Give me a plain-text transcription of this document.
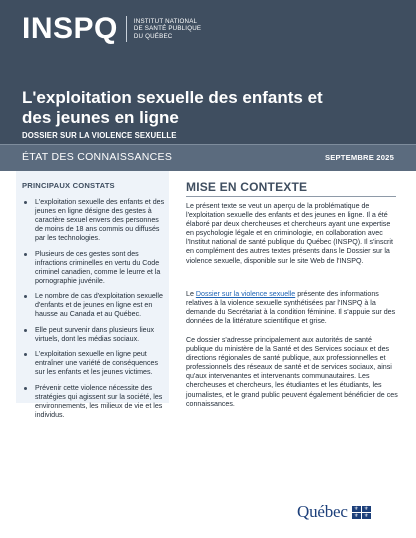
INSPQ	INSTITUT NATIONAL
DE SANTÉ PUBLIQUE
DU QUÉBEC
L'exploitation sexuelle des enfants et des jeunes en ligne
DOSSIER SUR LA VIOLENCE SEXUELLE
ÉTAT DES CONNAISSANCES	SEPTEMBRE 2025
PRINCIPAUX CONSTATS
L'exploitation sexuelle des enfants et des jeunes en ligne désigne des gestes à caractère sexuel envers des personnes de moins de 18 ans commis ou diffusés par les technologies.
Plusieurs de ces gestes sont des infractions criminelles en vertu du Code criminel canadien, comme le leurre et la pornographie juvénile.
Le nombre de cas d'exploitation sexuelle d'enfants et de jeunes en ligne est en hausse au Canada et au Québec.
Elle peut survenir dans plusieurs lieux virtuels, dont les médias sociaux.
L'exploitation sexuelle en ligne peut entraîner une variété de conséquences sur les enfants et les jeunes victimes.
Prévenir cette violence nécessite des stratégies qui agissent sur la société, les environnements, les milieux de vie et les individus.
MISE EN CONTEXTE

Le présent texte se veut un aperçu de la problématique de l'exploitation sexuelle des enfants et des jeunes en ligne. Il a été élaboré par deux chercheuses et chercheurs ayant une expertise en psychologie légale et en criminologie, en collaboration avec l'Institut national de santé publique du Québec (INSPQ). Il s'inscrit en complément des autres textes présents dans le Dossier sur la violence sexuelle, disponible sur le site Web de l'INSPQ.

Le Dossier sur la violence sexuelle présente des informations relatives à la violence sexuelle synthétisées par l'INSPQ à la demande du Secrétariat à la condition féminine. Il s'appuie sur des données de la littérature scientifique et grise.

Ce dossier s'adresse principalement aux autorités de santé publique du ministère de la Santé et des Services sociaux et des directions régionales de santé publique, aux professionnelles et professionnels des réseaux de santé et de services sociaux, ainsi qu'aux intervenantes et intervenants communautaires. Les chercheuses et chercheurs, les étudiantes et les étudiants, les journalistes, et le grand public peuvent également bénéficier de ces connaissances.

Québec	⚜	⚜
⚜	⚜
